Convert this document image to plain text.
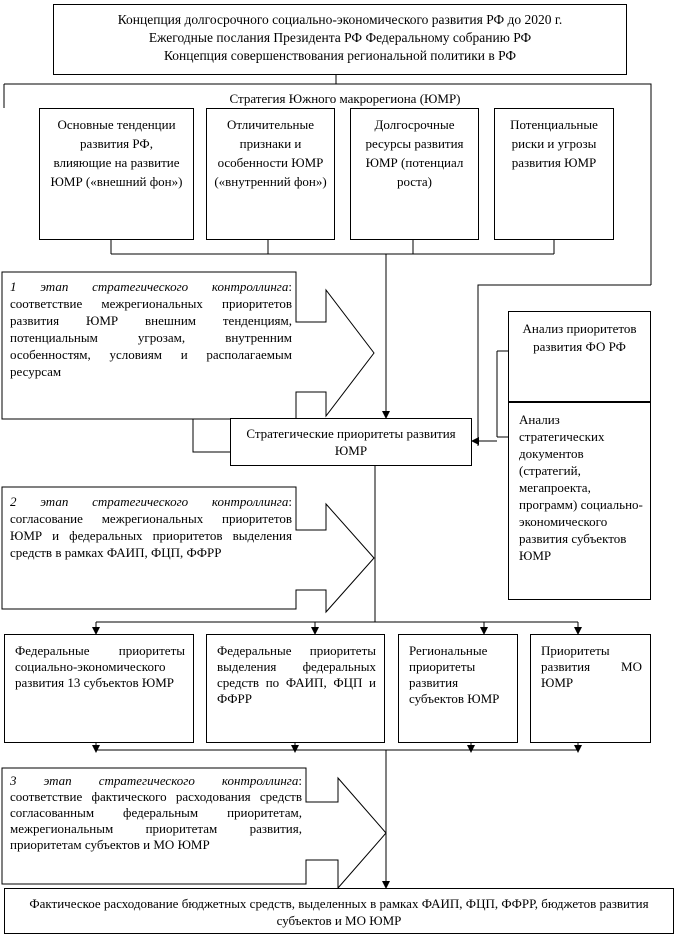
Концепция долгосрочного социально-экономического развития РФ до 2020 г.
Ежегодные послания Президента РФ Федеральному собранию РФ
Концепция совершенствования региональной политики в РФ
Стратегия Южного макрорегиона (ЮМР)
Основные тенденции развития РФ, влияющие на развитие ЮМР («внешний фон»)
Отличительные признаки и особенности ЮМР («внутренний фон»)
Долгосрочные ресурсы развития ЮМР (потенциал роста)
Потенциальные риски и угрозы развития ЮМР
1 этап стратегического контроллинга: соответствие межрегиональных приоритетов развития ЮМР внешним тенденциям, потенциальным угрозам, внутренним особенностям, условиям и располагаемым ресурсам
Стратегические приоритеты развития ЮМР
Анализ приоритетов развития ФО РФ
Анализ стратегических документов (стратегий, мегапроекта, программ) социально-экономического развития субъектов ЮМР
2 этап стратегического контроллинга: согласование межрегиональных приоритетов ЮМР и федеральных приоритетов выделения средств в рамках ФАИП, ФЦП, ФФРР
Федеральные приоритеты социально-экономического развития 13 субъектов ЮМР
Федеральные приоритеты выделения федеральных средств по ФАИП, ФЦП и ФФРР
Региональные приоритеты развития субъектов ЮМР
Приоритеты развития МО ЮМР
3 этап стратегического контроллинга: соответствие фактического расходования средств согласованным федеральным приоритетам, межрегиональным приоритетам развития, приоритетам субъектов и МО ЮМР
Фактическое расходование бюджетных средств, выделенных в рамках ФАИП, ФЦП, ФФРР, бюджетов развития субъектов и МО ЮМР
